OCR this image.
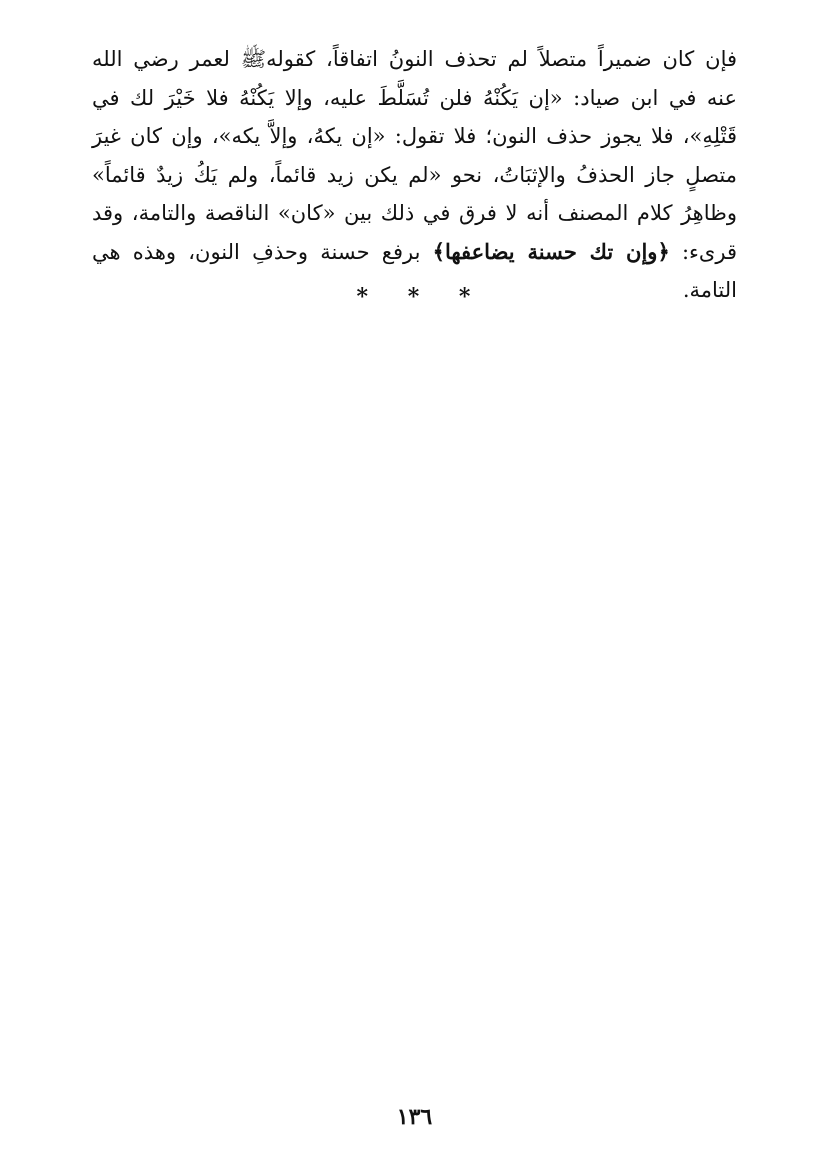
فإن كان ضميراً متصلاً لم تحذف النونُ اتفاقاً، كقولهﷺ لعمر رضي الله عنه في ابن صياد: «إن يَكُنْهُ فلن تُسَلَّطَ عليه، وإلا يَكُنْهُ فلا خَيْرَ لك في قَتْلِهِ»، فلا يجوز حذف النون؛ فلا تقول: «إن يكهُ، وإلاَّ يكه»، وإن كان غيرَ متصلٍ جاز الحذفُ والإثبَاتُ، نحو «لم يكن زيد قائماً، ولم يَكُ زيدٌ قائماً» وظاهِرُ كلام المصنف أنه لا فرق في ذلك بين «كان» الناقصة والتامة، وقد قرىء: ﴿وإن تك حسنة يضاعفها﴾ برفع حسنة وحذفِ النون، وهذه هي التامة.
* * *
١٣٦
